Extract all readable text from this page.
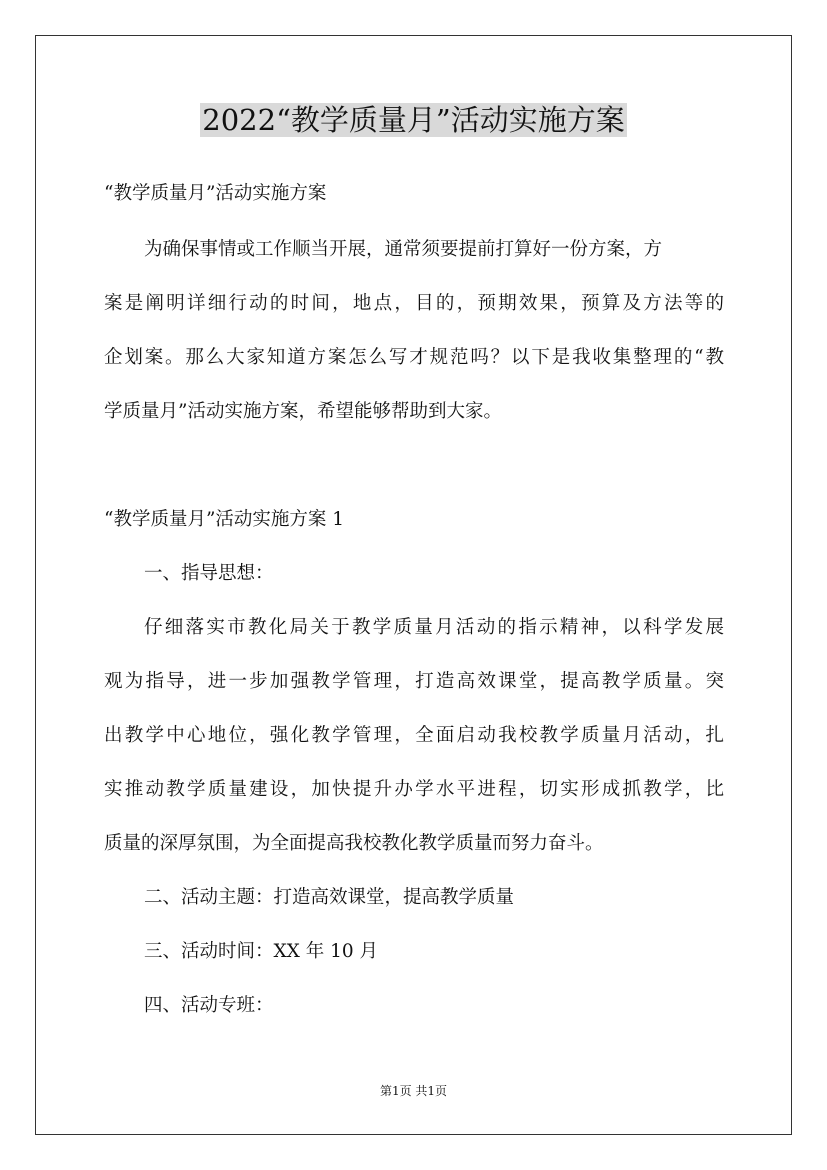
2022“教学质量月”活动实施方案
“教学质量月”活动实施方案
为确保事情或工作顺当开展，通常须要提前打算好一份方案，方
案是阐明详细行动的时间，地点，目的，预期效果，预算及方法等的
企划案。那么大家知道方案怎么写才规范吗？以下是我收集整理的“教
学质量月”活动实施方案，希望能够帮助到大家。
“教学质量月”活动实施方案 1
一、指导思想：
仔细落实市教化局关于教学质量月活动的指示精神，以科学发展
观为指导，进一步加强教学管理，打造高效课堂，提高教学质量。突
出教学中心地位，强化教学管理，全面启动我校教学质量月活动，扎
实推动教学质量建设，加快提升办学水平进程，切实形成抓教学，比
质量的深厚氛围，为全面提高我校教化教学质量而努力奋斗。
二、活动主题：打造高效课堂，提高教学质量
三、活动时间：XX 年 10 月
四、活动专班：
第1页 共1页
